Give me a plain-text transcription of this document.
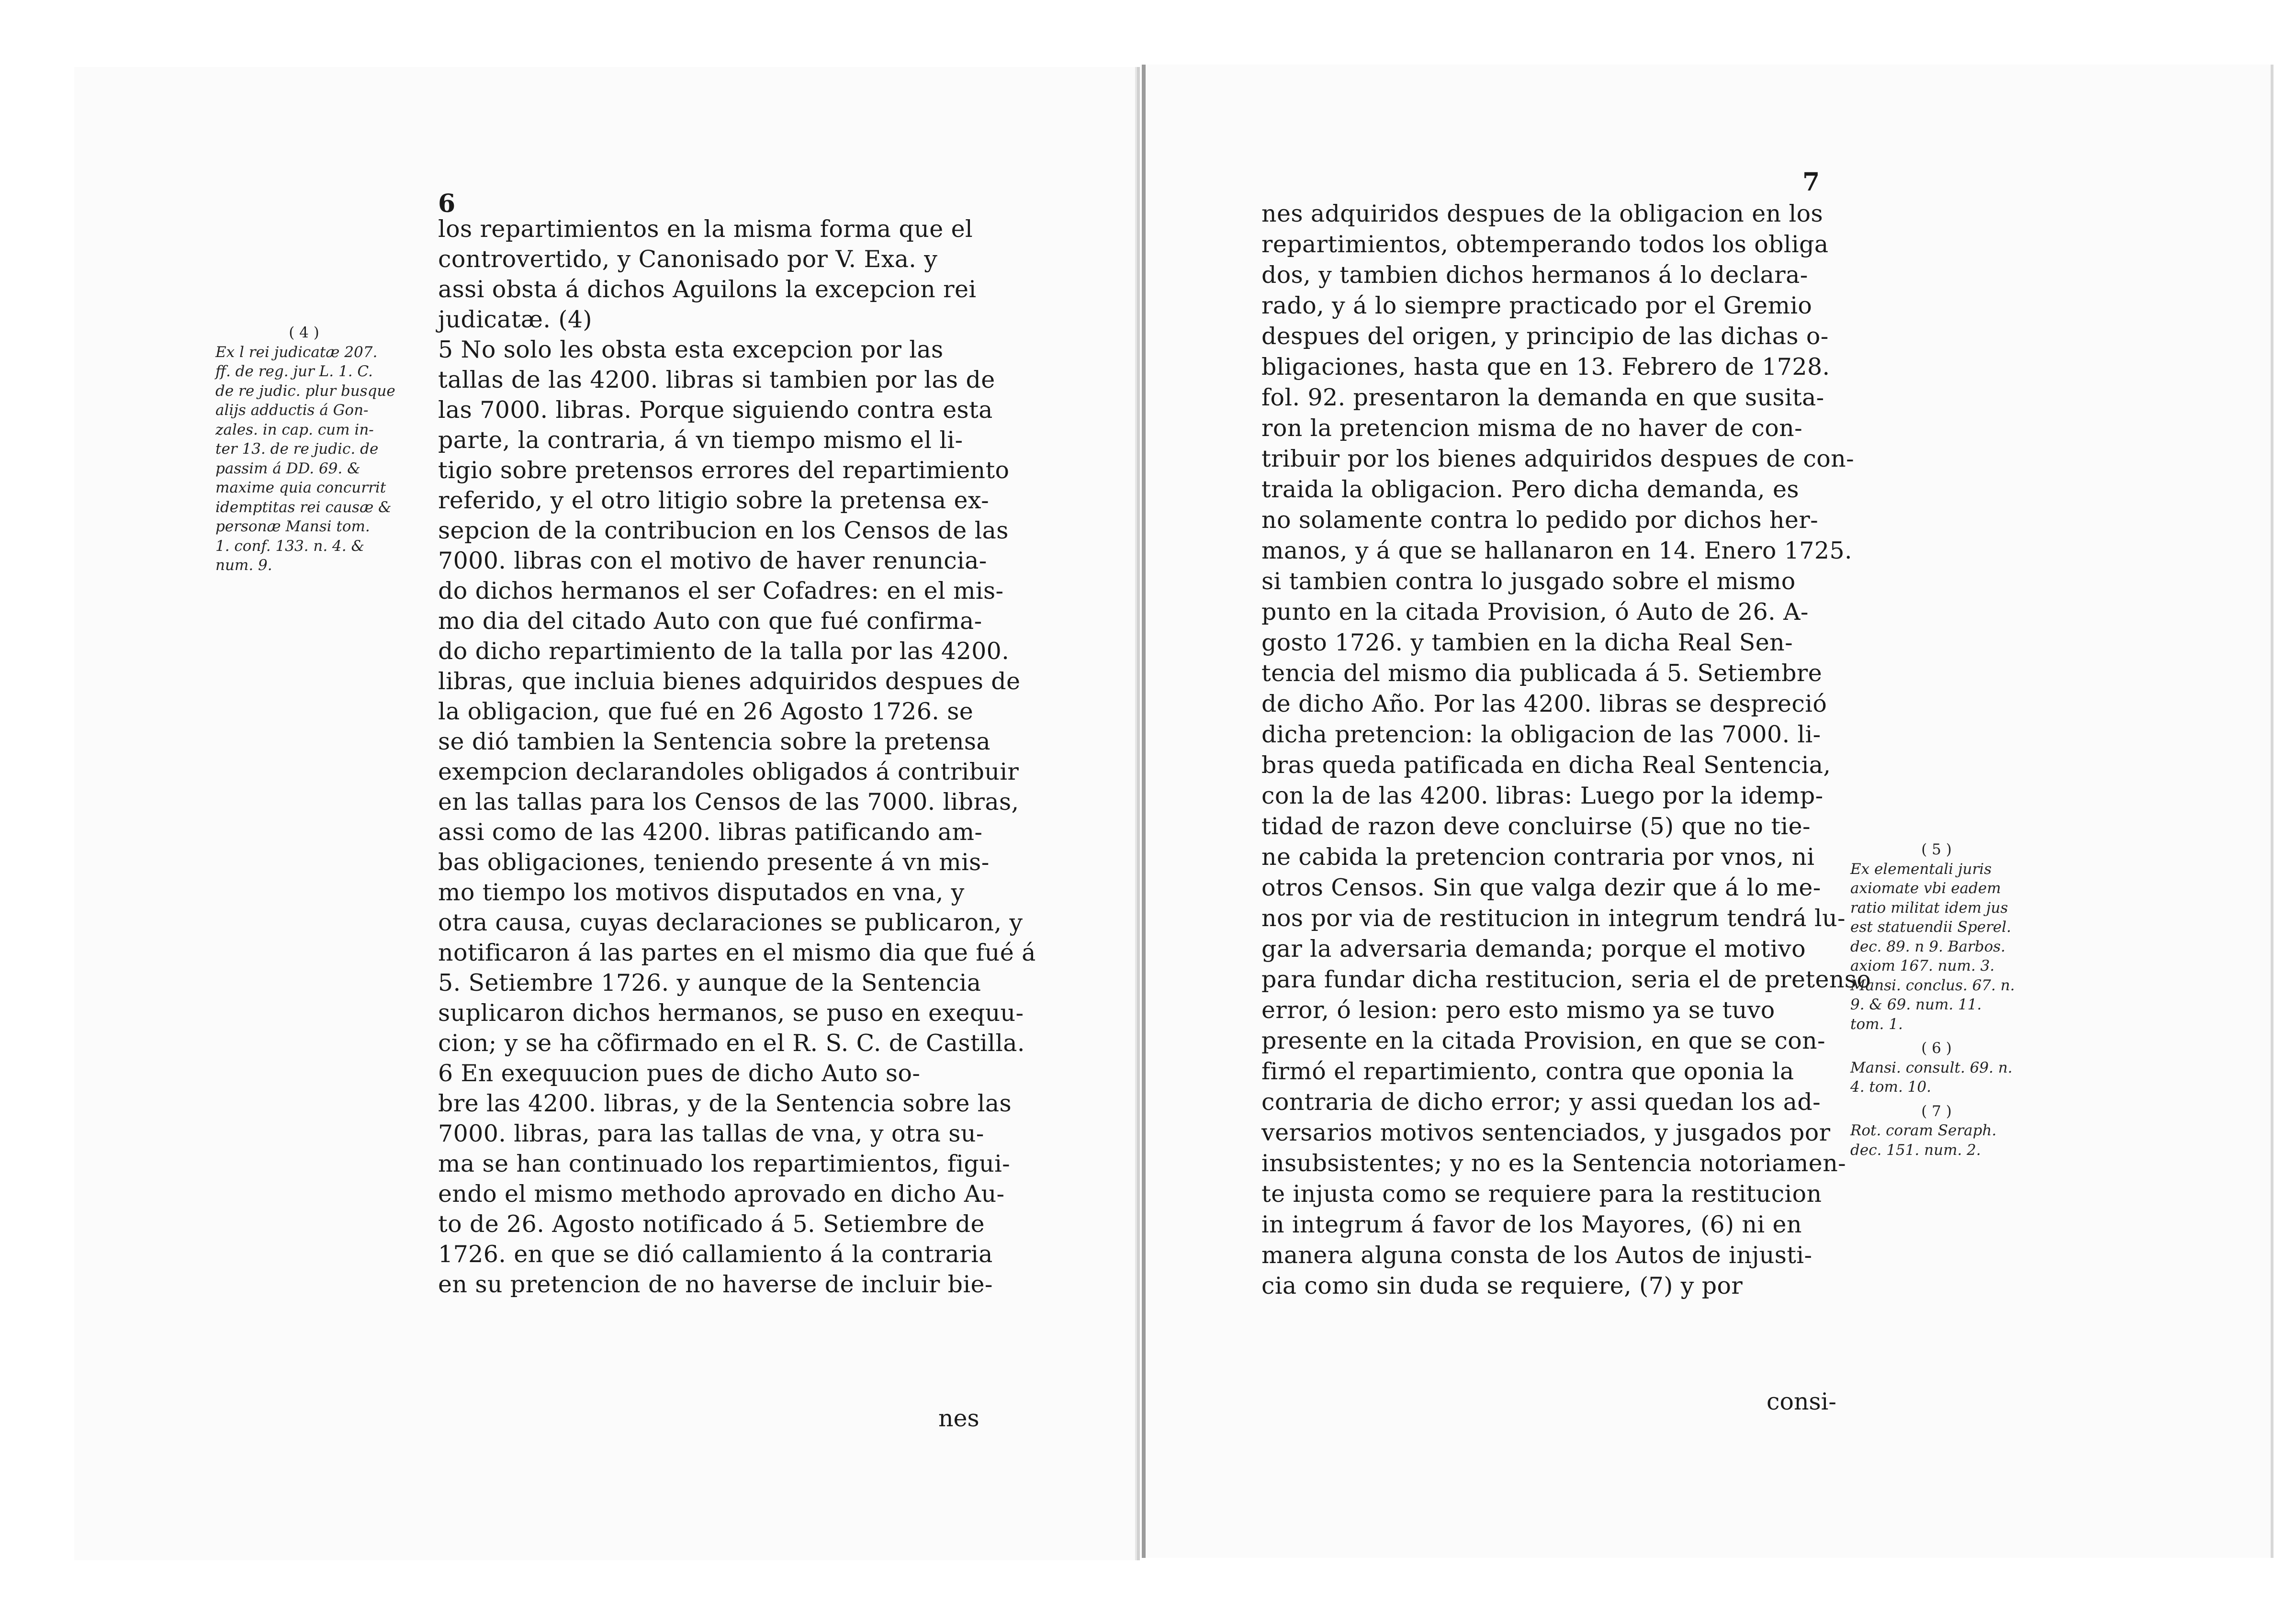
6
( 4 )
Ex l rei judicatæ 207.
ff. de reg. jur L. 1. C.
de re judic. plur busque
alijs adductis á Gon-
zales. in cap. cum in-
ter 13. de re judic. de
passim á DD. 69. &
maxime quia concurrit
idemptitas rei causæ &
personæ Mansi tom.
1. conf. 133. n. 4. &
num. 9.
los repartimientos en la misma forma que el
controvertido, y Canonisado por V. Exa. y
assi obsta á dichos Aguilons la excepcion rei
judicatæ. (4)
5 No solo les obsta esta excepcion por las
tallas de las 4200. libras si tambien por las de
las 7000. libras. Porque siguiendo contra esta
parte, la contraria, á vn tiempo mismo el li-
tigio sobre pretensos errores del repartimiento
referido, y el otro litigio sobre la pretensa ex-
sepcion de la contribucion en los Censos de las
7000. libras con el motivo de haver renuncia-
do dichos hermanos el ser Cofadres: en el mis-
mo dia del citado Auto con que fué confirma-
do dicho repartimiento de la talla por las 4200.
libras, que incluia bienes adquiridos despues de
la obligacion, que fué en 26 Agosto 1726. se
se dió tambien la Sentencia sobre la pretensa
exempcion declarandoles obligados á contribuir
en las tallas para los Censos de las 7000. libras,
assi como de las 4200. libras patificando am-
bas obligaciones, teniendo presente á vn mis-
mo tiempo los motivos disputados en vna, y
otra causa, cuyas declaraciones se publicaron, y
notificaron á las partes en el mismo dia que fué á
5. Setiembre 1726. y aunque de la Sentencia
suplicaron dichos hermanos, se puso en exequu-
cion; y se ha cõfirmado en el R. S. C. de Castilla.
6 En exequucion pues de dicho Auto so-
bre las 4200. libras, y de la Sentencia sobre las
7000. libras, para las tallas de vna, y otra su-
ma se han continuado los repartimientos, figui-
endo el mismo methodo aprovado en dicho Au-
to de 26. Agosto notificado á 5. Setiembre de
1726. en que se dió callamiento á la contraria
en su pretencion de no haverse de incluir bie-
nes
7
nes adquiridos despues de la obligacion en los
repartimientos, obtemperando todos los obliga
dos, y tambien dichos hermanos á lo declara-
rado, y á lo siempre practicado por el Gremio
despues del origen, y principio de las dichas o-
bligaciones, hasta que en 13. Febrero de 1728.
fol. 92. presentaron la demanda en que susita-
ron la pretencion misma de no haver de con-
tribuir por los bienes adquiridos despues de con-
traida la obligacion. Pero dicha demanda, es
no solamente contra lo pedido por dichos her-
manos, y á que se hallanaron en 14. Enero 1725.
si tambien contra lo jusgado sobre el mismo
punto en la citada Provision, ó Auto de 26. A-
gosto 1726. y tambien en la dicha Real Sen-
tencia del mismo dia publicada á 5. Setiembre
de dicho Año. Por las 4200. libras se despreció
dicha pretencion: la obligacion de las 7000. li-
bras queda patificada en dicha Real Sentencia,
con la de las 4200. libras: Luego por la idemp-
tidad de razon deve concluirse (5) que no tie-
ne cabida la pretencion contraria por vnos, ni
otros Censos. Sin que valga dezir que á lo me-
nos por via de restitucion in integrum tendrá lu-
gar la adversaria demanda; porque el motivo
para fundar dicha restitucion, seria el de pretenso
error, ó lesion: pero esto mismo ya se tuvo
presente en la citada Provision, en que se con-
firmó el repartimiento, contra que oponia la
contraria de dicho error; y assi quedan los ad-
versarios motivos sentenciados, y jusgados por
insubsistentes; y no es la Sentencia notoriamen-
te injusta como se requiere para la restitucion
in integrum á favor de los Mayores, (6) ni en
manera alguna consta de los Autos de injusti-
cia como sin duda se requiere, (7) y por
consi-
( 5 )
Ex elementali juris
axiomate vbi eadem
ratio militat idem jus
est statuendii Sperel.
dec. 89. n 9. Barbos.
axiom 167. num. 3.
Mansi. conclus. 67. n.
9. & 69. num. 11.
tom. 1.
( 6 )
Mansi. consult. 69. n.
4. tom. 10.
( 7 )
Rot. coram Seraph.
dec. 151. num. 2.
